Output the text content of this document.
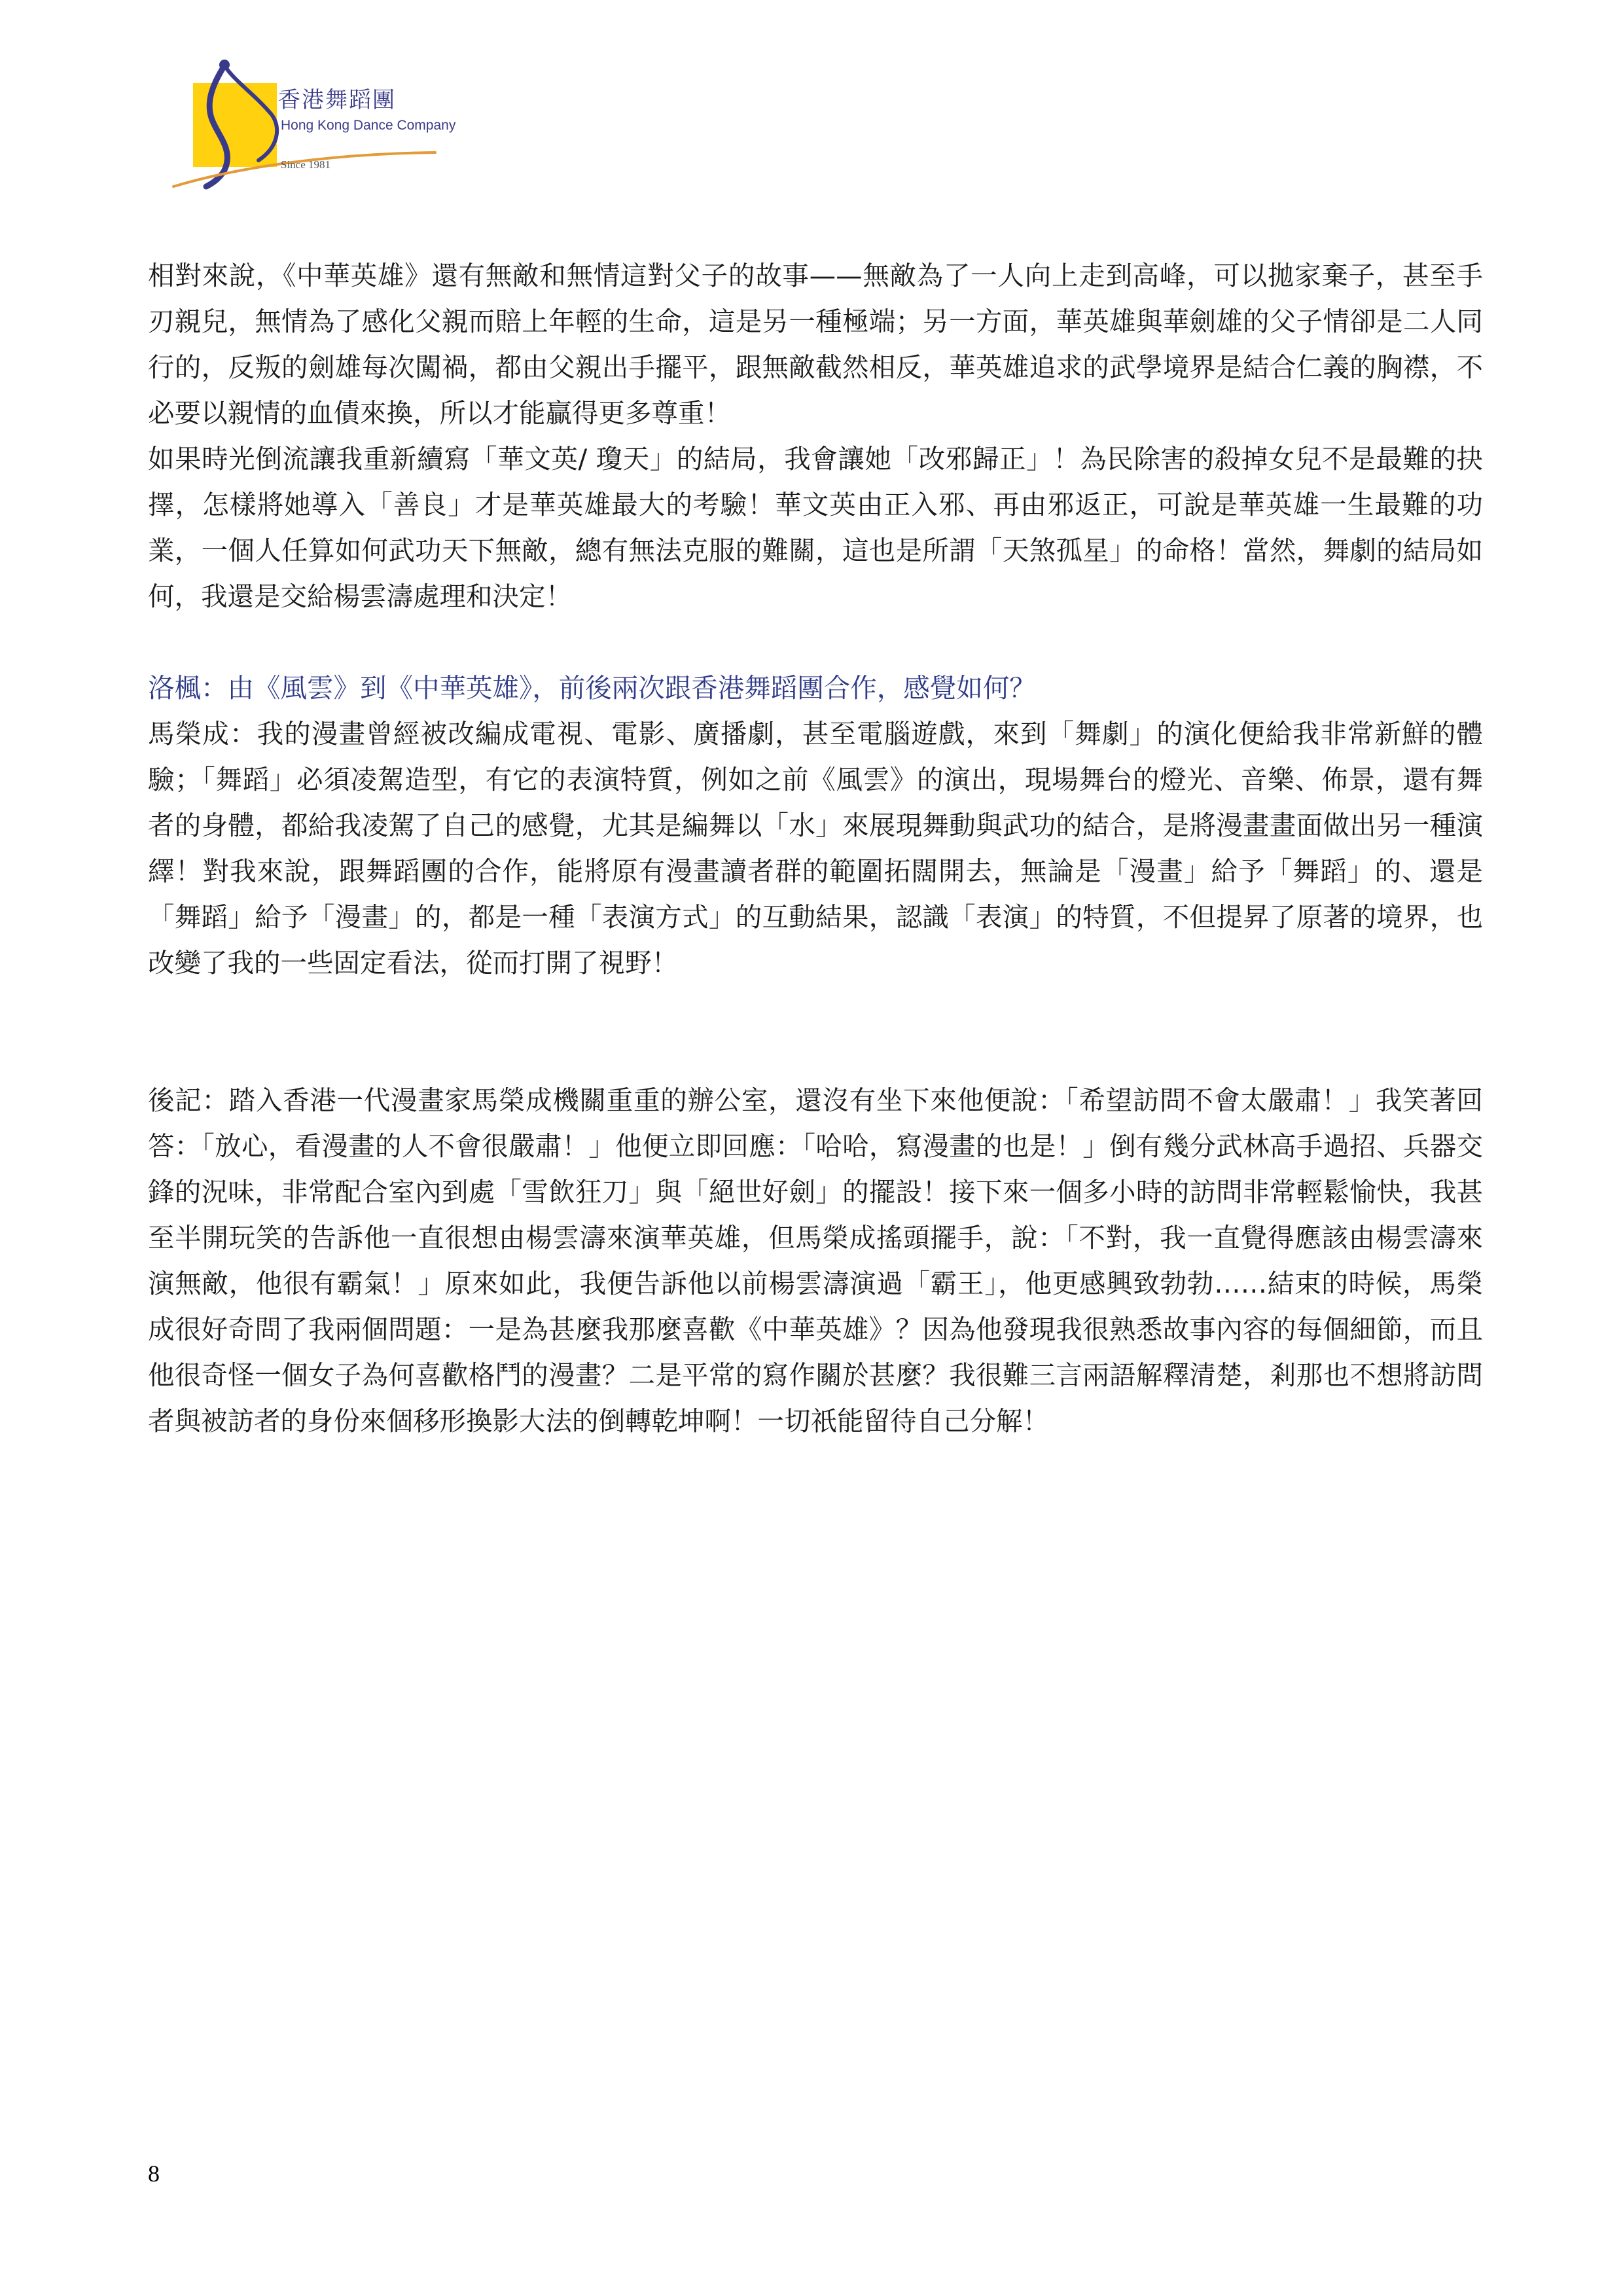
香港舞蹈團
Hong Kong Dance Company
Since 1981

相對來說，《中華英雄》還有無敵和無情這對父子的故事——無敵為了一人向上走到高峰，可以拋家棄子，甚至手刃親兒，無情為了感化父親而賠上年輕的生命，這是另一種極端；另一方面，華英雄與華劍雄的父子情卻是二人同行的，反叛的劍雄每次闖禍，都由父親出手擺平，跟無敵截然相反，華英雄追求的武學境界是結合仁義的胸襟，不必要以親情的血債來換，所以才能贏得更多尊重！

如果時光倒流讓我重新續寫「華文英/ 瓊天」的結局，我會讓她「改邪歸正」！為民除害的殺掉女兒不是最難的抉擇，怎樣將她導入「善良」才是華英雄最大的考驗！華文英由正入邪、再由邪返正，可說是華英雄一生最難的功業，一個人任算如何武功天下無敵，總有無法克服的難關，這也是所謂「天煞孤星」的命格！當然，舞劇的結局如何，我還是交給楊雲濤處理和決定！

洛楓：由《風雲》到《中華英雄》，前後兩次跟香港舞蹈團合作，感覺如何？

馬榮成：我的漫畫曾經被改編成電視、電影、廣播劇，甚至電腦遊戲，來到「舞劇」的演化便給我非常新鮮的體驗；「舞蹈」必須凌駕造型，有它的表演特質，例如之前《風雲》的演出，現場舞台的燈光、音樂、佈景，還有舞者的身體，都給我凌駕了自己的感覺，尤其是編舞以「水」來展現舞動與武功的結合，是將漫畫畫面做出另一種演繹！對我來說，跟舞蹈團的合作，能將原有漫畫讀者群的範圍拓闊開去，無論是「漫畫」給予「舞蹈」的、還是「舞蹈」給予「漫畫」的，都是一種「表演方式」的互動結果，認識「表演」的特質，不但提昇了原著的境界，也改變了我的一些固定看法，從而打開了視野！

後記：踏入香港一代漫畫家馬榮成機關重重的辦公室，還沒有坐下來他便說：「希望訪問不會太嚴肅！」我笑著回答：「放心，看漫畫的人不會很嚴肅！」他便立即回應：「哈哈，寫漫畫的也是！」倒有幾分武林高手過招、兵器交鋒的況味，非常配合室內到處「雪飲狂刀」與「絕世好劍」的擺設！接下來一個多小時的訪問非常輕鬆愉快，我甚至半開玩笑的告訴他一直很想由楊雲濤來演華英雄，但馬榮成搖頭擺手，說：「不對，我一直覺得應該由楊雲濤來演無敵，他很有霸氣！」原來如此，我便告訴他以前楊雲濤演過「霸王」，他更感興致勃勃……結束的時候，馬榮成很好奇問了我兩個問題：一是為甚麼我那麼喜歡《中華英雄》？因為他發現我很熟悉故事內容的每個細節，而且他很奇怪一個女子為何喜歡格鬥的漫畫？二是平常的寫作關於甚麼？我很難三言兩語解釋清楚，剎那也不想將訪問者與被訪者的身份來個移形換影大法的倒轉乾坤啊！一切祇能留待自己分解！

8
